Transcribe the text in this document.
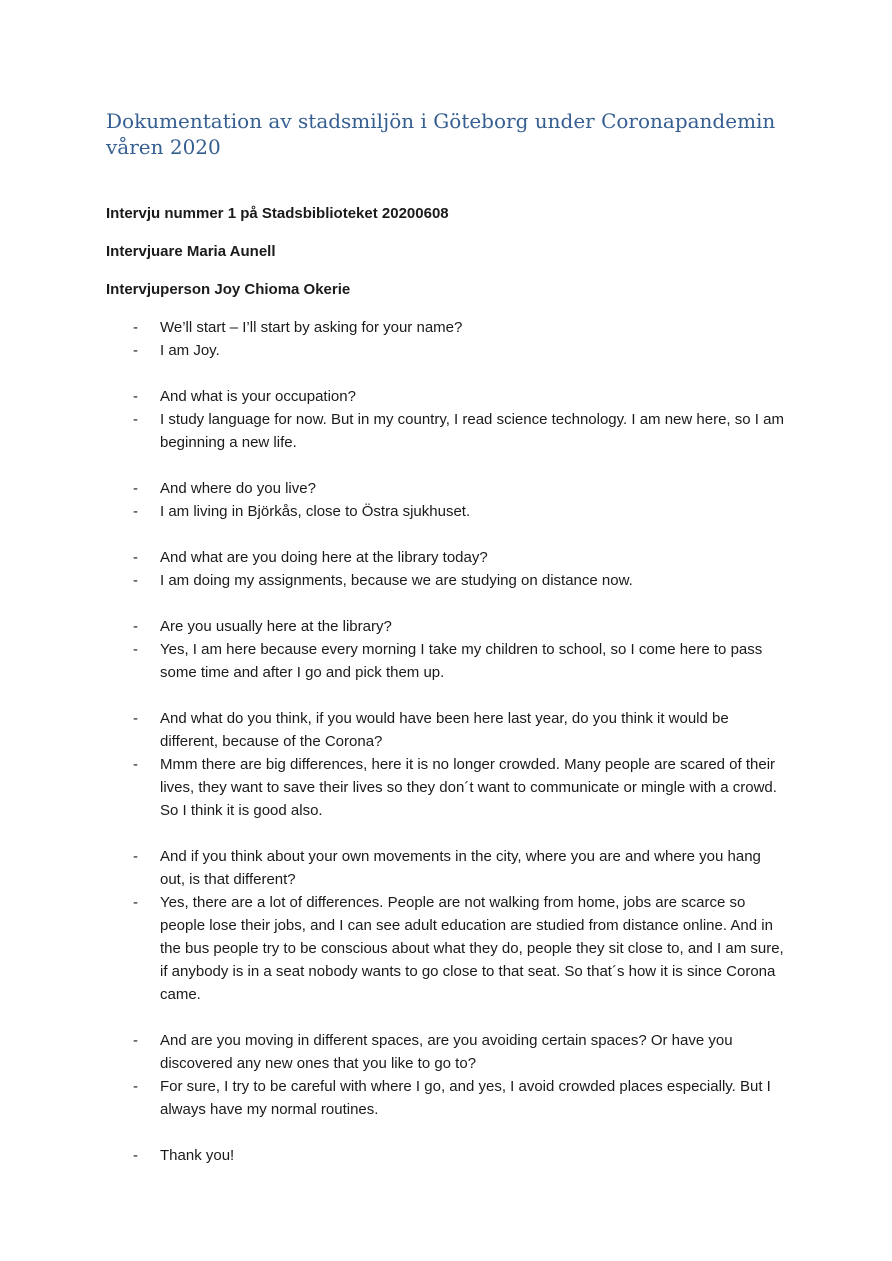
Dokumentation av stadsmiljön i Göteborg under Coronapandemin våren 2020

Intervju nummer 1 på Stadsbiblioteket 20200608

Intervjuare Maria Aunell

Intervjuperson Joy Chioma Okerie

- We’ll start – I’ll start by asking for your name?
- I am Joy.
- And what is your occupation?
- I study language for now. But in my country, I read science technology. I am new here, so I am beginning a new life.
- And where do you live?
- I am living in Björkås, close to Östra sjukhuset.
- And what are you doing here at the library today?
- I am doing my assignments, because we are studying on distance now.
- Are you usually here at the library?
- Yes, I am here because every morning I take my children to school, so I come here to pass some time and after I go and pick them up.
- And what do you think, if you would have been here last year, do you think it would be different, because of the Corona?
- Mmm there are big differences, here it is no longer crowded. Many people are scared of their lives, they want to save their lives so they don´t want to communicate or mingle with a crowd. So I think it is good also.
- And if you think about your own movements in the city, where you are and where you hang out, is that different?
- Yes, there are a lot of differences. People are not walking from home, jobs are scarce so people lose their jobs, and I can see adult education are studied from distance online. And in the bus people try to be conscious about what they do, people they sit close to, and I am sure, if anybody is in a seat nobody wants to go close to that seat. So that´s how it is since Corona came.
- And are you moving in different spaces, are you avoiding certain spaces? Or have you discovered any new ones that you like to go to?
- For sure, I try to be careful with where I go, and yes, I avoid crowded places especially. But I always have my normal routines.
- Thank you!
